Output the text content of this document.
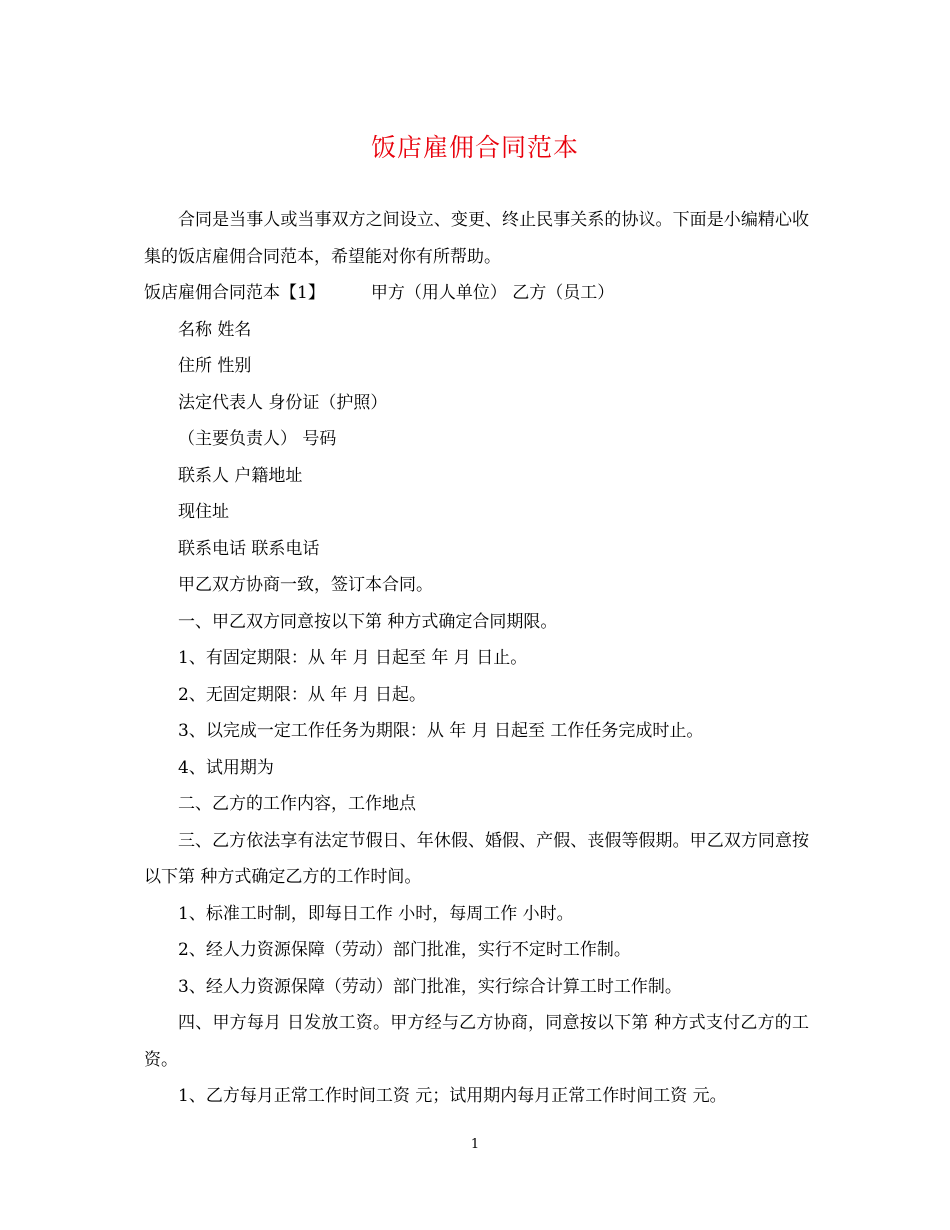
饭店雇佣合同范本

合同是当事人或当事双方之间设立、变更、终止民事关系的协议。下面是小编精心收集的饭店雇佣合同范本，希望能对你有所帮助。

饭店雇佣合同范本【1】	甲方（用人单位） 乙方（员工）

名称 姓名

住所 性别

法定代表人 身份证（护照）

（主要负责人） 号码

联系人 户籍地址

现住址

联系电话 联系电话

甲乙双方协商一致，签订本合同。

一、甲乙双方同意按以下第 种方式确定合同期限。

1、有固定期限：从 年 月 日起至 年 月 日止。

2、无固定期限：从 年 月 日起。

3、以完成一定工作任务为期限：从 年 月 日起至 工作任务完成时止。

4、试用期为

二、乙方的工作内容，工作地点

三、乙方依法享有法定节假日、年休假、婚假、产假、丧假等假期。甲乙双方同意按以下第 种方式确定乙方的工作时间。

1、标准工时制，即每日工作 小时，每周工作 小时。

2、经人力资源保障（劳动）部门批准，实行不定时工作制。

3、经人力资源保障（劳动）部门批准，实行综合计算工时工作制。

四、甲方每月 日发放工资。甲方经与乙方协商，同意按以下第 种方式支付乙方的工资。

1、乙方每月正常工作时间工资 元；试用期内每月正常工作时间工资 元。

1
